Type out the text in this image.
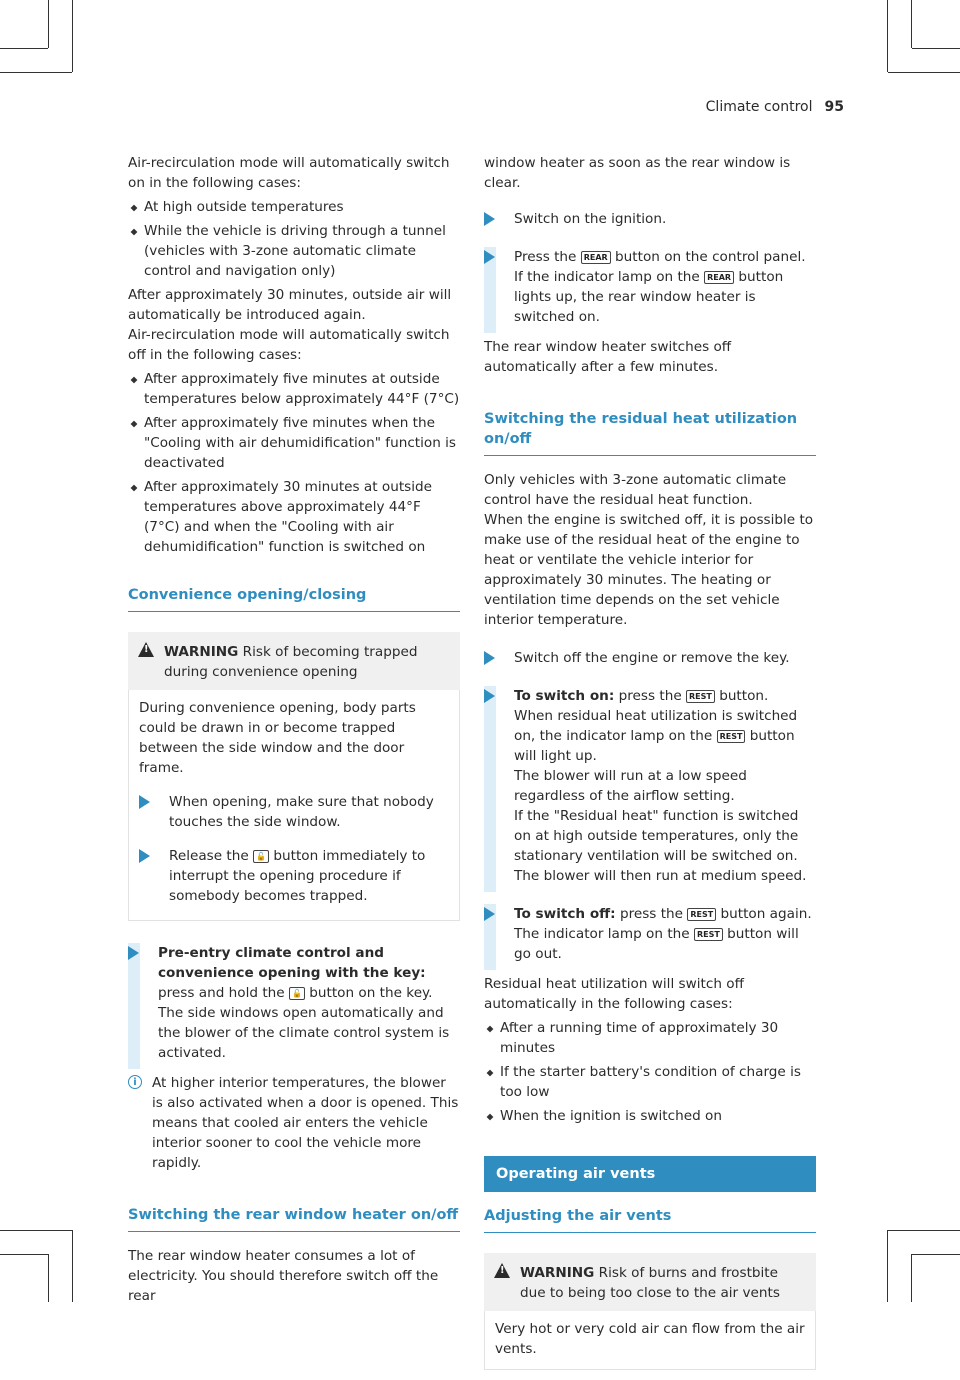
Climate control 95

Air-recirculation mode will automatically switch on in the following cases:

At high outside temperatures
While the vehicle is driving through a tunnel (vehicles with 3-zone automatic climate control and navigation only)

After approximately 30 minutes, outside air will automatically be introduced again.

Air-recirculation mode will automatically switch off in the following cases:

After approximately five minutes at outside temperatures below approximately 44°F (7°C)
After approximately five minutes when the "Cooling with air dehumidification" function is deactivated
After approximately 30 minutes at outside temperatures above approximately 44°F (7°C) and when the "Cooling with air dehumidification" function is switched on
Convenience opening/closing
!
WARNING Risk of becoming trapped during convenience opening

During convenience opening, body parts could be drawn in or become trapped between the side window and the door frame.

When opening, make sure that nobody touches the side window.
Release the 🔓 button immediately to interrupt the opening procedure if somebody becomes trapped.
Pre-entry climate control and convenience opening with the key: press and hold the 🔓 button on the key.
The side windows open automatically and the blower of the climate control system is activated.
i	At higher interior temperatures, the blower is also activated when a door is opened. This means that cooled air enters the vehicle interior sooner to cool the vehicle more rapidly.
Switching the rear window heater on/off

The rear window heater consumes a lot of electricity. You should therefore switch off the rear

window heater as soon as the rear window is clear.

Switch on the ignition.
Press the REAR button on the control panel.
If the indicator lamp on the REAR button lights up, the rear window heater is switched on.

The rear window heater switches off automatically after a few minutes.

Switching the residual heat utilization on/off

Only vehicles with 3-zone automatic climate control have the residual heat function.

When the engine is switched off, it is possible to make use of the residual heat of the engine to heat or ventilate the vehicle interior for approximately 30 minutes. The heating or ventilation time depends on the set vehicle interior temperature.

Switch off the engine or remove the key.
To switch on: press the REST button.
When residual heat utilization is switched on, the indicator lamp on the REST button will light up.
The blower will run at a low speed regardless of the airflow setting.
If the "Residual heat" function is switched on at high outside temperatures, only the stationary ventilation will be switched on. The blower will then run at medium speed.
To switch off: press the REST button again.
The indicator lamp on the REST button will go out.

Residual heat utilization will switch off automatically in the following cases:

After a running time of approximately 30 minutes
If the starter battery's condition of charge is too low
When the ignition is switched on
Operating air vents
Adjusting the air vents
!
WARNING Risk of burns and frostbite due to being too close to the air vents

Very hot or very cold air can flow from the air vents.
